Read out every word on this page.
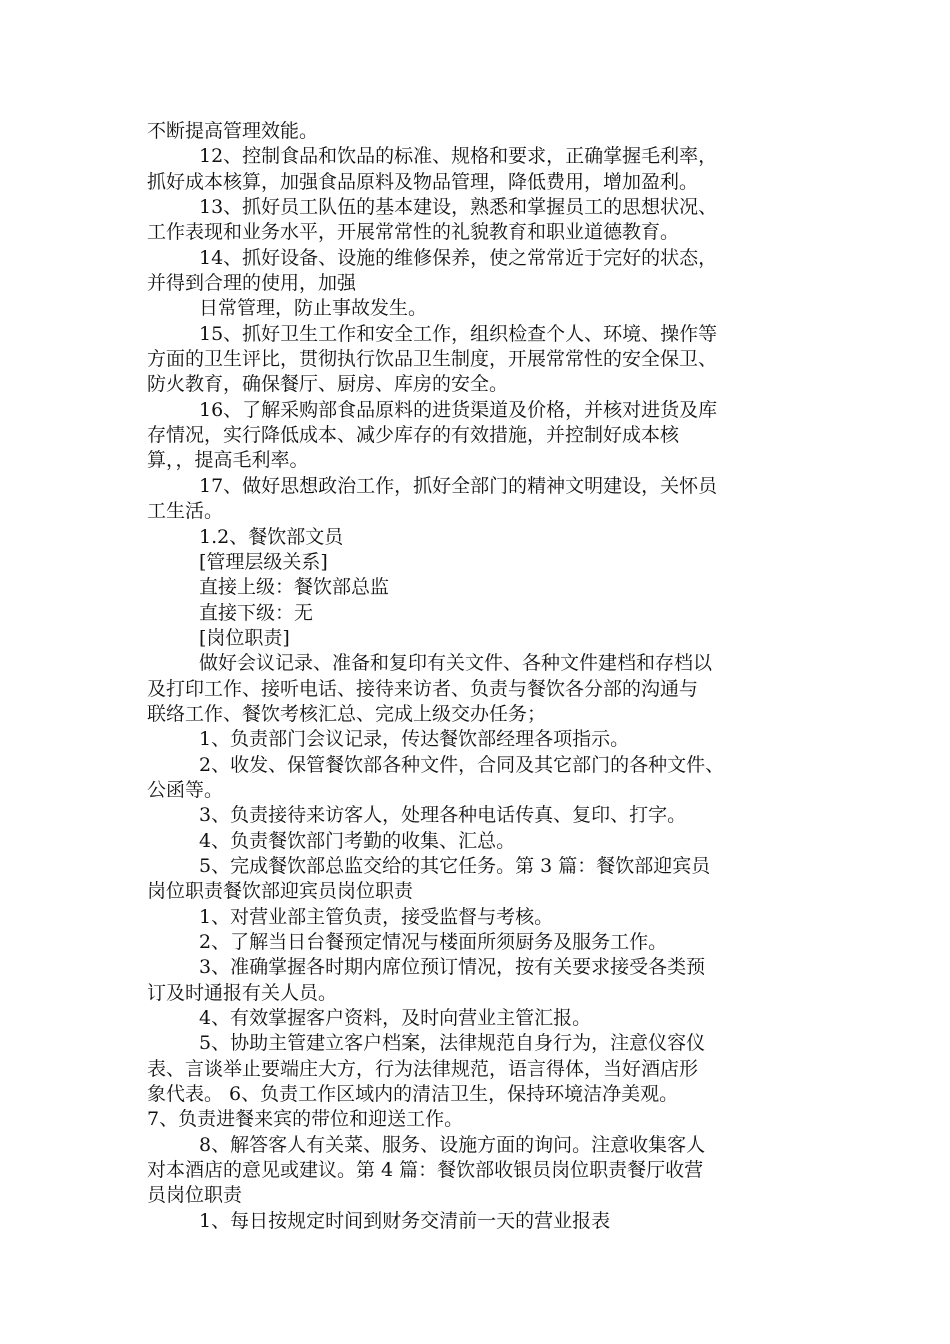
不断提高管理效能。
12、控制食品和饮品的标准、规格和要求，正确掌握毛利率，
抓好成本核算，加强食品原料及物品管理，降低费用，增加盈利。
13、抓好员工队伍的基本建设，熟悉和掌握员工的思想状况、
工作表现和业务水平，开展常常性的礼貌教育和职业道德教育。
14、抓好设备、设施的维修保养，使之常常近于完好的状态，
并得到合理的使用，加强
日常管理，防止事故发生。
15、抓好卫生工作和安全工作，组织检查个人、环境、操作等
方面的卫生评比，贯彻执行饮品卫生制度，开展常常性的安全保卫、
防火教育，确保餐厅、厨房、库房的安全。
16、了解采购部食品原料的进货渠道及价格，并核对进货及库
存情况，实行降低成本、减少库存的有效措施，并控制好成本核
算，，提高毛利率。
17、做好思想政治工作，抓好全部门的精神文明建设，关怀员
工生活。
1.2、餐饮部文员
[管理层级关系]
直接上级：餐饮部总监
直接下级：无
[岗位职责]
做好会议记录、准备和复印有关文件、各种文件建档和存档以
及打印工作、接听电话、接待来访者、负责与餐饮各分部的沟通与
联络工作、餐饮考核汇总、完成上级交办任务；
1、负责部门会议记录，传达餐饮部经理各项指示。
2、收发、保管餐饮部各种文件，合同及其它部门的各种文件、
公函等。
3、负责接待来访客人，处理各种电话传真、复印、打字。
4、负责餐饮部门考勤的收集、汇总。
5、完成餐饮部总监交给的其它任务。第 3 篇：餐饮部迎宾员
岗位职责餐饮部迎宾员岗位职责
1、对营业部主管负责，接受监督与考核。
2、了解当日台餐预定情况与楼面所须厨务及服务工作。
3、准确掌握各时期内席位预订情况，按有关要求接受各类预
订及时通报有关人员。
4、有效掌握客户资料，及时向营业主管汇报。
5、协助主管建立客户档案，法律规范自身行为，注意仪容仪
表、言谈举止要端庄大方，行为法律规范，语言得体，当好酒店形
象代表。 6、负责工作区域内的清洁卫生，保持环境洁净美观。
7、负责进餐来宾的带位和迎送工作。
8、解答客人有关菜、服务、设施方面的询问。注意收集客人
对本酒店的意见或建议。第 4 篇：餐饮部收银员岗位职责餐厅收营
员岗位职责
1、每日按规定时间到财务交清前一天的营业报表
